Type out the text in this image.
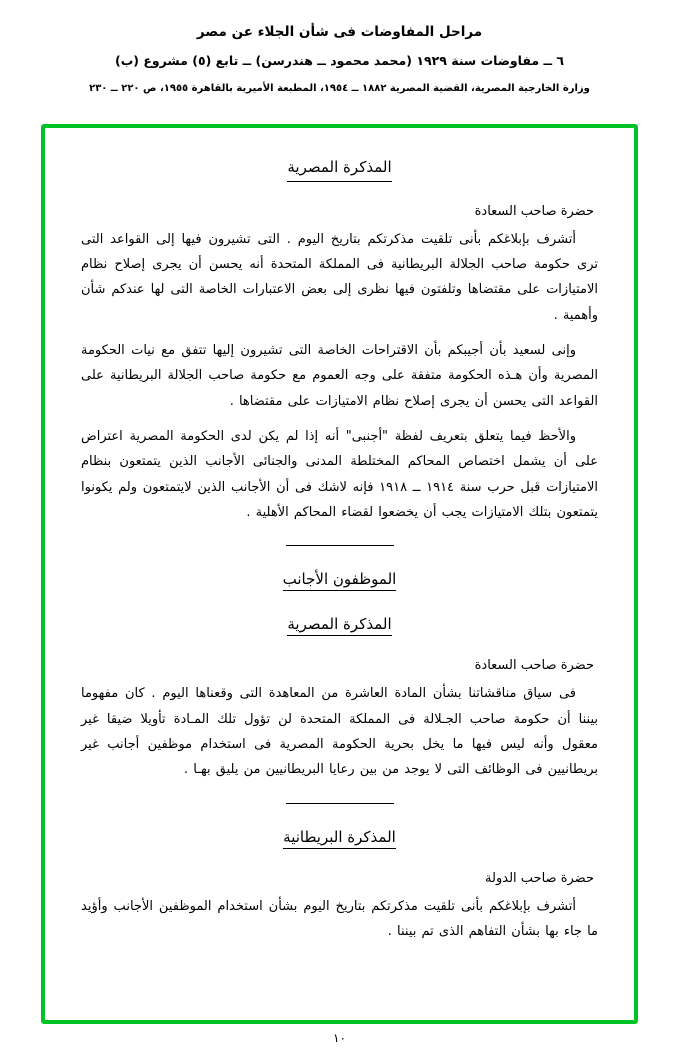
مراحل المفاوضات فى شأن الجلاء عن مصر
٦ ــ مفاوضات سنة ١٩٢٩ (محمد محمود ــ هندرسن) ــ تابع (٥) مشروع (ب)
وزارة الخارجية المصرية، القضية المصرية ١٨٨٢ ــ ١٩٥٤، المطبعة الأميرية بالقاهرة ١٩٥٥، ص ٢٢٠ ــ ٢٣٠
المذكرة المصرية
حضرة صاحب السعادة

أتشرف بإبلاغكم بأنى تلقيت مذكرتكم بتاريخ اليوم . التى تشيرون فيها إلى القواعد التى ترى حكومة صاحب الجلالة البريطانية فى المملكة المتحدة أنه يحسن أن يجرى إصلاح نظام الامتيازات على مقتضاها وتلفتون فيها نظرى إلى بعض الاعتبارات الخاصة التى لها عندكم شأن وأهمية .

وإنى لسعيد بأن أجيبكم بأن الاقتراحات الخاصة التى تشيرون إليها تتفق مع نيات الحكومة المصرية وأن هـذه الحكومة متفقة على وجه العموم مع حكومة صاحب الجلالة البريطانية على القواعد التى يحسن أن يجرى إصلاح نظام الامتيازات على مقتضاها .

والأحظ فيما يتعلق بتعريف لفظة "أجنبى" أنه إذا لم يكن لدى الحكومة المصرية اعتراض على أن يشمل اختصاص المحاكم المختلطة المدنى والجنائى الأجانب الذين يتمتعون بنظام الامتيازات قبل حرب سنة ١٩١٤ ــ ١٩١٨ فإنه لاشك فى أن الأجانب الذين لايتمتعون ولم يكونوا يتمتعون بتلك الامتيازات يجب أن يخضعوا لقضاء المحاكم الأهلية .

الموظفون الأجانب
المذكرة المصرية
حضرة صاحب السعادة

فى سياق مناقشاتنا بشأن المادة العاشرة من المعاهدة التى وقعناها اليوم . كان مفهوما بيننا أن حكومة صاحب الجـلالة فى المملكة المتحدة لن تؤول تلك المـادة تأويلا ضيقا غير معقول وأنه ليس فيها ما يخل بحرية الحكومة المصرية فى استخدام موظفين أجانب غير بريطانيين فى الوظائف التى لا يوجد من بين رعايا البريطانيين من يليق بهـا .

المذكرة البريطانية
حضرة صاحب الدولة

أتشرف بإبلاغكم بأنى تلقيت مذكرتكم بتاريخ اليوم بشأن استخدام الموظفين الأجانب وأؤيد ما جاء بها بشأن التفاهم الذى تم بيننا .

١٠
